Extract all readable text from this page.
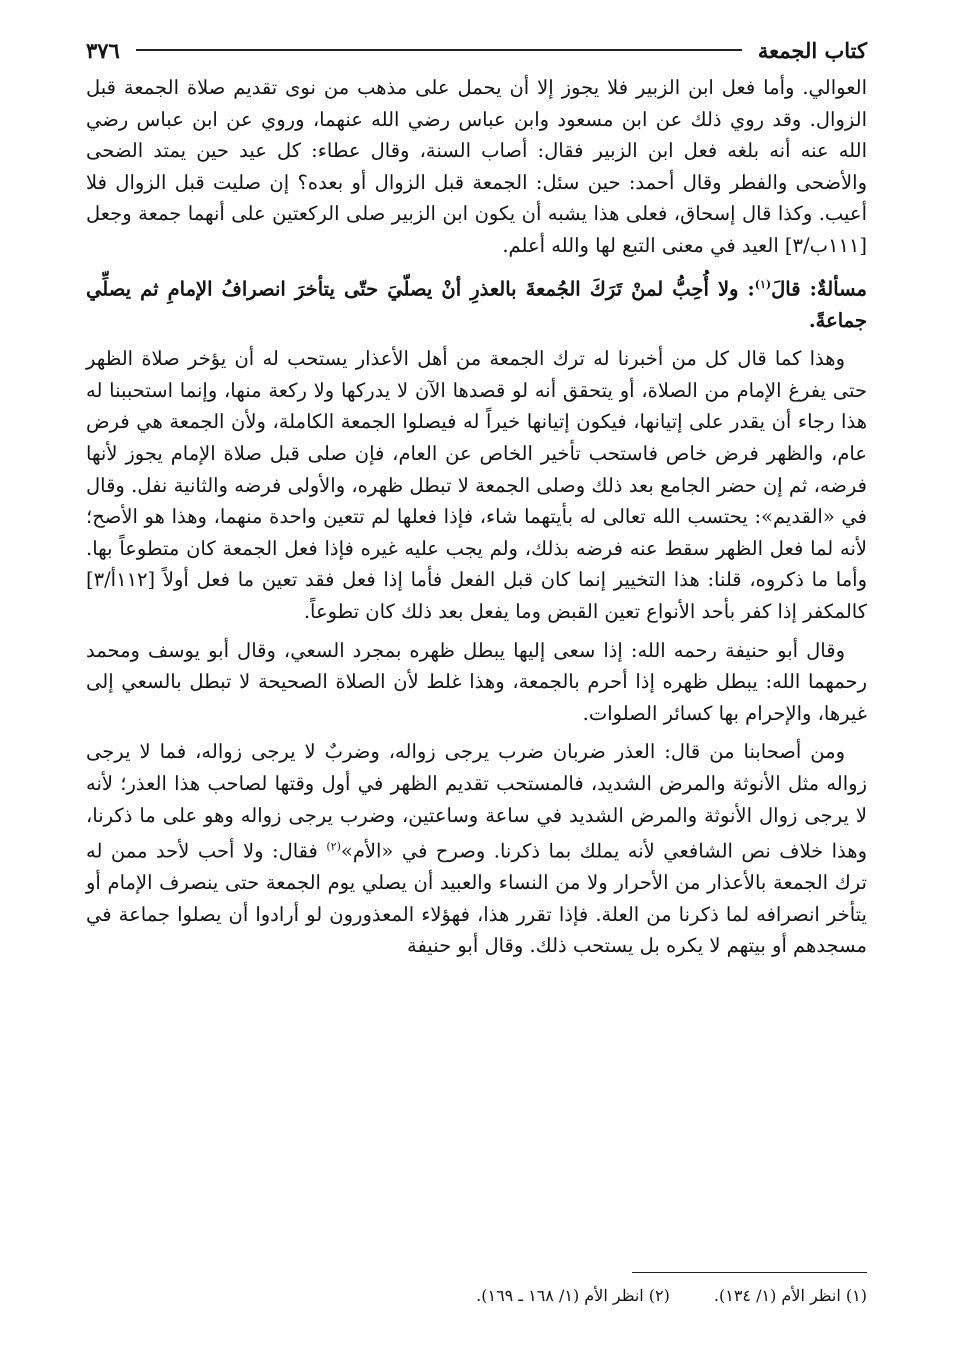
كتاب الجمعة
٣٧٦

العوالي. وأما فعل ابن الزبير فلا يجوز إلا أن يحمل على مذهب من نوى تقديم صلاة الجمعة قبل الزوال. وقد روي ذلك عن ابن مسعود وابن عباس رضي الله عنهما، وروي عن ابن عباس رضي الله عنه أنه بلغه فعل ابن الزبير فقال: أصاب السنة، وقال عطاء: كل عيد حين يمتد الضحى والأضحى والفطر وقال أحمد: حين سئل: الجمعة قبل الزوال أو بعده؟ إن صليت قبل الزوال فلا أعيب. وكذا قال إسحاق، فعلى هذا يشبه أن يكون ابن الزبير صلى الركعتين على أنهما جمعة وجعل [١١١ب/٣] العيد في معنى التبع لها والله أعلم.

مسألةٌ: قالَ$^{(١)}$: ولا أُحِبُّ لمنْ تَرَكَ الجُمعةَ بالعذرِ أنْ يصلّيَ حتّى يتأخرَ انصرافُ الإمامِ ثم يصلِّي جماعةً.

وهذا كما قال كل من أخبرنا له ترك الجمعة من أهل الأعذار يستحب له أن يؤخر صلاة الظهر حتى يفرغ الإمام من الصلاة، أو يتحقق أنه لو قصدها الآن لا يدركها ولا ركعة منها، وإنما استحببنا له هذا رجاء أن يقدر على إتيانها، فيكون إتيانها خيراً له فيصلوا الجمعة الكاملة، ولأن الجمعة هي فرض عام، والظهر فرض خاص فاستحب تأخير الخاص عن العام، فإن صلى قبل صلاة الإمام يجوز لأنها فرضه، ثم إن حضر الجامع بعد ذلك وصلى الجمعة لا تبطل ظهره، والأولى فرضه والثانية نفل. وقال في «القديم»: يحتسب الله تعالى له بأيتهما شاء، فإذا فعلها لم تتعين واحدة منهما، وهذا هو الأصح؛ لأنه لما فعل الظهر سقط عنه فرضه بذلك، ولم يجب عليه غيره فإذا فعل الجمعة كان متطوعاً بها. وأما ما ذكروه، قلنا: هذا التخيير إنما كان قبل الفعل فأما إذا فعل فقد تعين ما فعل أولاً [١١٢أ/٣] كالمكفر إذا كفر بأحد الأنواع تعين القبض وما يفعل بعد ذلك كان تطوعاً.

وقال أبو حنيفة رحمه الله: إذا سعى إليها يبطل ظهره بمجرد السعي، وقال أبو يوسف ومحمد رحمهما الله: يبطل ظهره إذا أحرم بالجمعة، وهذا غلط لأن الصلاة الصحيحة لا تبطل بالسعي إلى غيرها، والإحرام بها كسائر الصلوات.

ومن أصحابنا من قال: العذر ضربان ضرب يرجى زواله، وضربٌ لا يرجى زواله، فما لا يرجى زواله مثل الأنوثة والمرض الشديد، فالمستحب تقديم الظهر في أول وقتها لصاحب هذا العذر؛ لأنه لا يرجى زوال الأنوثة والمرض الشديد في ساعة وساعتين، وضرب يرجى زواله وهو على ما ذكرنا، وهذا خلاف نص الشافعي لأنه يملك بما ذكرنا. وصرح في «الأم»$^{(٢)}$ فقال: ولا أحب لأحد ممن له ترك الجمعة بالأعذار من الأحرار ولا من النساء والعبيد أن يصلي يوم الجمعة حتى ينصرف الإمام أو يتأخر انصرافه لما ذكرنا من العلة. فإذا تقرر هذا، فهؤلاء المعذورون لو أرادوا أن يصلوا جماعة في مسجدهم أو بيتهم لا يكره بل يستحب ذلك. وقال أبو حنيفة

(١) انظر الأم (١/ ١٣٤).
(٢) انظر الأم (١/ ١٦٨ ـ ١٦٩).
